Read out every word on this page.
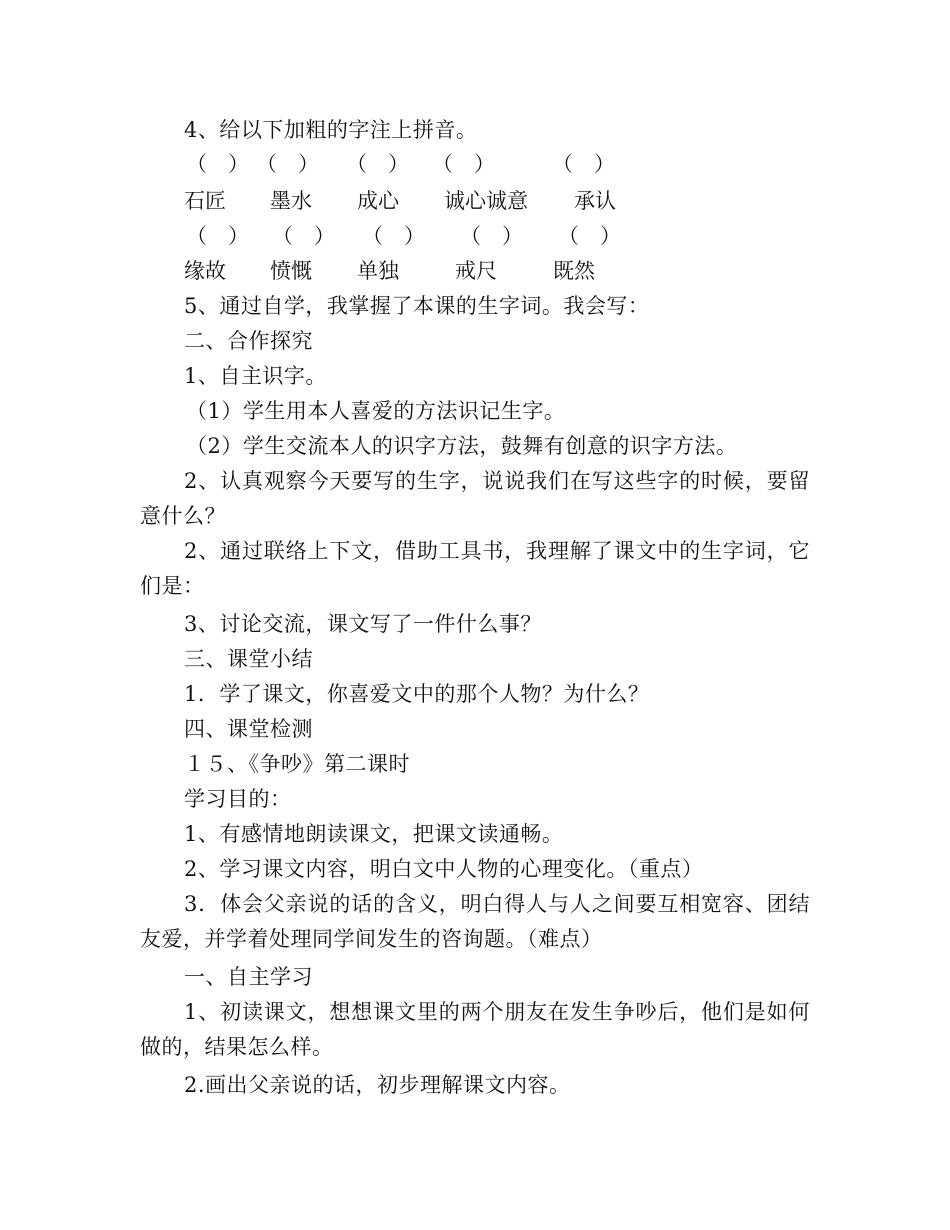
4、给以下加粗的字注上拼音。
（　） （　） （　） （　）	（　）
石匠 墨水 成心 诚心诚意 承认
（　） （　） （　） （　） （　）
缘故 愤慨 单独	戒尺	既然
5、通过自学，我掌握了本课的生字词。我会写：
二、合作探究
1、自主识字。
（1）学生用本人喜爱的方法识记生字。
（2）学生交流本人的识字方法，鼓舞有创意的识字方法。
2、认真观察今天要写的生字，说说我们在写这些字的时候，要留意什么？
2、通过联络上下文，借助工具书，我理解了课文中的生字词，它们是：
3、讨论交流，课文写了一件什么事？
三、课堂小结
1．学了课文，你喜爱文中的那个人物？为什么？
四、课堂检测
１５、《争吵》第二课时
学习目的：
1、有感情地朗读课文，把课文读通畅。
2、学习课文内容，明白文中人物的心理变化。（重点）
3．体会父亲说的话的含义，明白得人与人之间要互相宽容、团结友爱，并学着处理同学间发生的咨询题。（难点）
一、自主学习
1、初读课文，想想课文里的两个朋友在发生争吵后，他们是如何做的，结果怎么样。
2.画出父亲说的话，初步理解课文内容。
